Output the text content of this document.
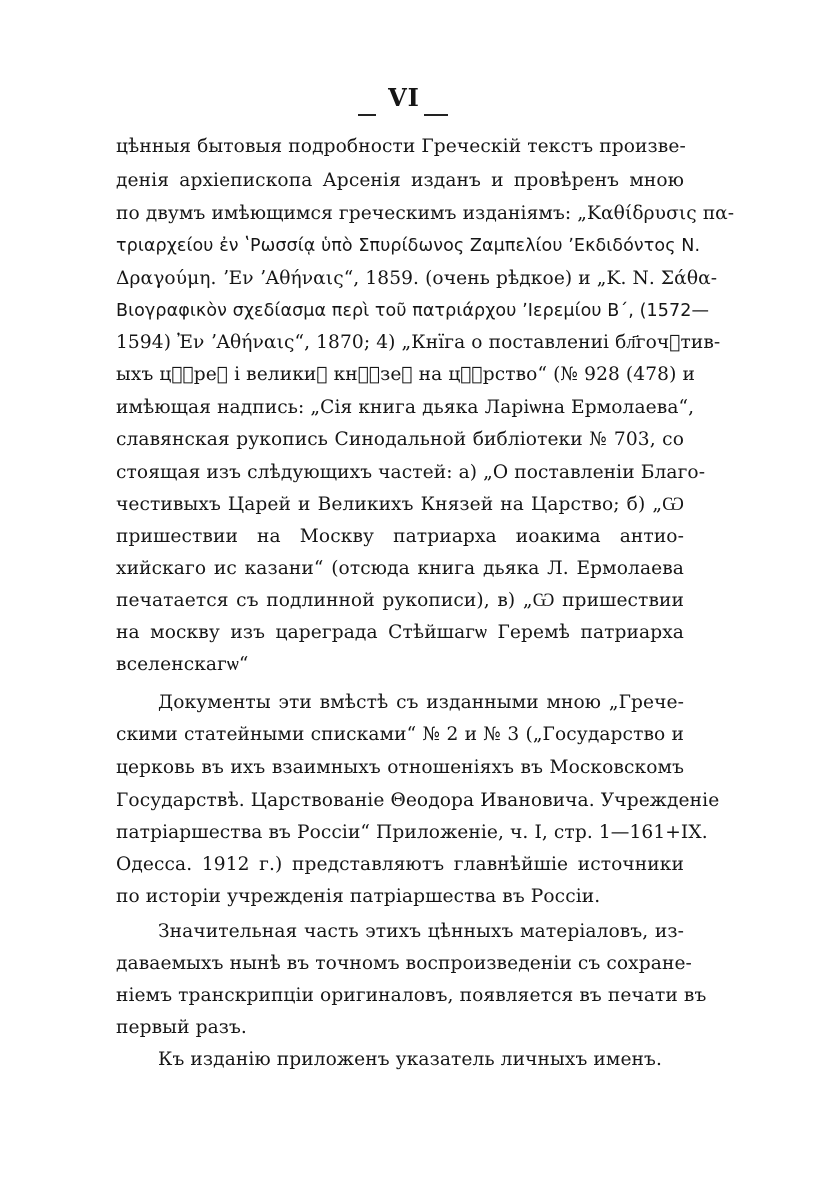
VI
цѣнныя бытовыя подробности Греческій текстъ произве-
денія архіепископа Арсенія изданъ и провѣренъ мною
по двумъ имѣющимся греческимъ изданіямъ: „Καθίδρυσις πα-
τριαρχείου ἐν ʽΡωσσίᾳ ὑπὸ Σπυρίδωνος Ζαμπελίου ʼΕκδιδόντος Ν.
Δραγούμη. ʼΕν ʼΑθήναις“, 1859. (очень рѣдкое) и „Κ. Ν. Σάθα-
Βιογραφικὸν σχεδίασμα περὶ τοῦ πατριάρχου ʼΙερεμίου Β΄, (1572—
1594) Ἐν ʼΑθήναις“, 1870; 4) „Кнїга о поставлениі бл҃гочⷭтив-
ыхъ цⷬ҇реⷪ і великиⷯ кнⷬ҇зеⷪ на цⷬ҇рство“ (№ 928 (478) и
имѣющая надпись: „Сія книга дьяка Ларіѡна Ермолаева“,
славянская рукопись Синодальной библіотеки № 703, со
стоящая изъ слѣдующихъ частей: а) „О поставленіи Благо-
честивыхъ Царей и Великихъ Князей на Царство; б) „Ѡ
пришествии на Москву патриарха иоакима антио-
хийскаго ис казани“ (отсюда книга дьяка Л. Ермолаева
печатается съ подлинной рукописи), в) „Ѡ пришествии
на москву изъ цареграда Стѣйшагѡ Геремѣ патриарха
вселенскагѡ“
Документы эти вмѣстѣ съ изданными мною „Грече-
скими статейными списками“ № 2 и № 3 („Государство и
церковь въ ихъ взаимныхъ отношеніяхъ въ Московскомъ
Государствѣ. Царствованіе Θеодора Ивановича. Учрежденіе
патріаршества въ Россіи“ Приложеніе, ч. I, стр. 1—161+IX.
Одесса. 1912 г.) представляютъ главнѣйшіе источники
по исторіи учрежденія патріаршества въ Россіи.
Значительная часть этихъ цѣнныхъ матеріаловъ, из-
даваемыхъ нынѣ въ точномъ воспроизведеніи съ сохране-
ніемъ транскрипціи оригиналовъ, появляется въ печати въ
первый разъ.
Къ изданію приложенъ указатель личныхъ именъ.
